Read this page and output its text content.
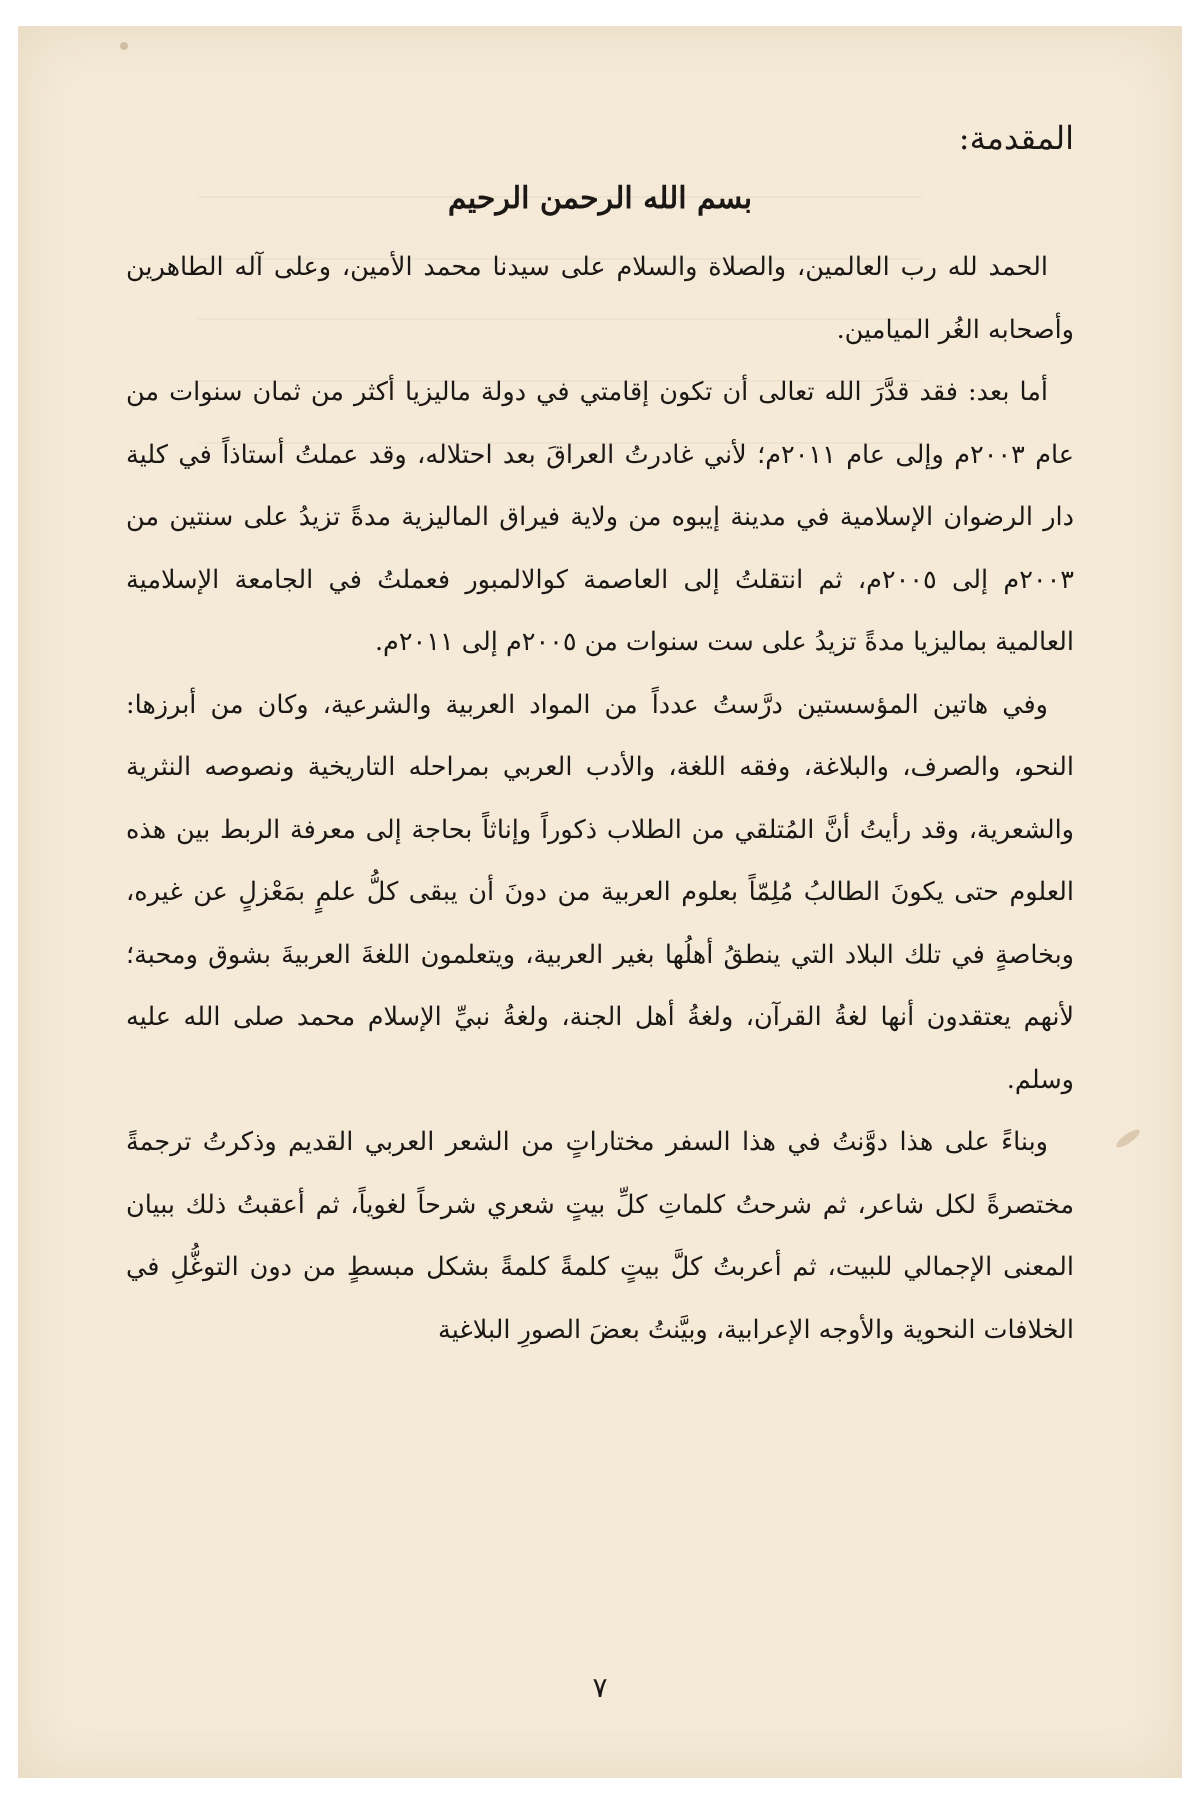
المقدمة:
بسم الله الرحمن الرحيم

الحمد لله رب العالمين، والصلاة والسلام على سيدنا محمد الأمين، وعلى آله الطاهرين وأصحابه الغُر الميامين.

أما بعد: فقد قدَّرَ الله تعالى أن تكون إقامتي في دولة ماليزيا أكثر من ثمان سنوات من عام ٢٠٠٣م وإلى عام ٢٠١١م؛ لأني غادرتُ العراقَ بعد احتلاله، وقد عملتُ أستاذاً في كلية دار الرضوان الإسلامية في مدينة إيبوه من ولاية فيراق الماليزية مدةً تزيدُ على سنتين من ٢٠٠٣م إلى ٢٠٠٥م، ثم انتقلتُ إلى العاصمة كوالالمبور فعملتُ في الجامعة الإسلامية العالمية بماليزيا مدةً تزيدُ على ست سنوات من ٢٠٠٥م إلى ٢٠١١م.

وفي هاتين المؤسستين درَّستُ عدداً من المواد العربية والشرعية، وكان من أبرزها: النحو، والصرف، والبلاغة، وفقه اللغة، والأدب العربي بمراحله التاريخية ونصوصه النثرية والشعرية، وقد رأيتُ أنَّ المُتلقي من الطلاب ذكوراً وإناثاً بحاجة إلى معرفة الربط بين هذه العلوم حتى يكونَ الطالبُ مُلِمّاً بعلوم العربية من دونَ أن يبقى كلُّ علمٍ بمَعْزلٍ عن غيره، وبخاصةٍ في تلك البلاد التي ينطقُ أهلُها بغير العربية، ويتعلمون اللغةَ العربيةَ بشوق ومحبة؛ لأنهم يعتقدون أنها لغةُ القرآن، ولغةُ أهل الجنة، ولغةُ نبيِّ الإسلام محمد صلى الله عليه وسلم.

وبناءً على هذا دوَّنتُ في هذا السفر مختاراتٍ من الشعر العربي القديم وذكرتُ ترجمةً مختصرةً لكل شاعر، ثم شرحتُ كلماتِ كلِّ بيتٍ شعري شرحاً لغوياً، ثم أعقبتُ ذلك ببيان المعنى الإجمالي للبيت، ثم أعربتُ كلَّ بيتٍ كلمةً كلمةً بشكل مبسطٍ من دون التوغُّلِ في الخلافات النحوية والأوجه الإعرابية، وبيَّنتُ بعضَ الصورِ البلاغية

٧
